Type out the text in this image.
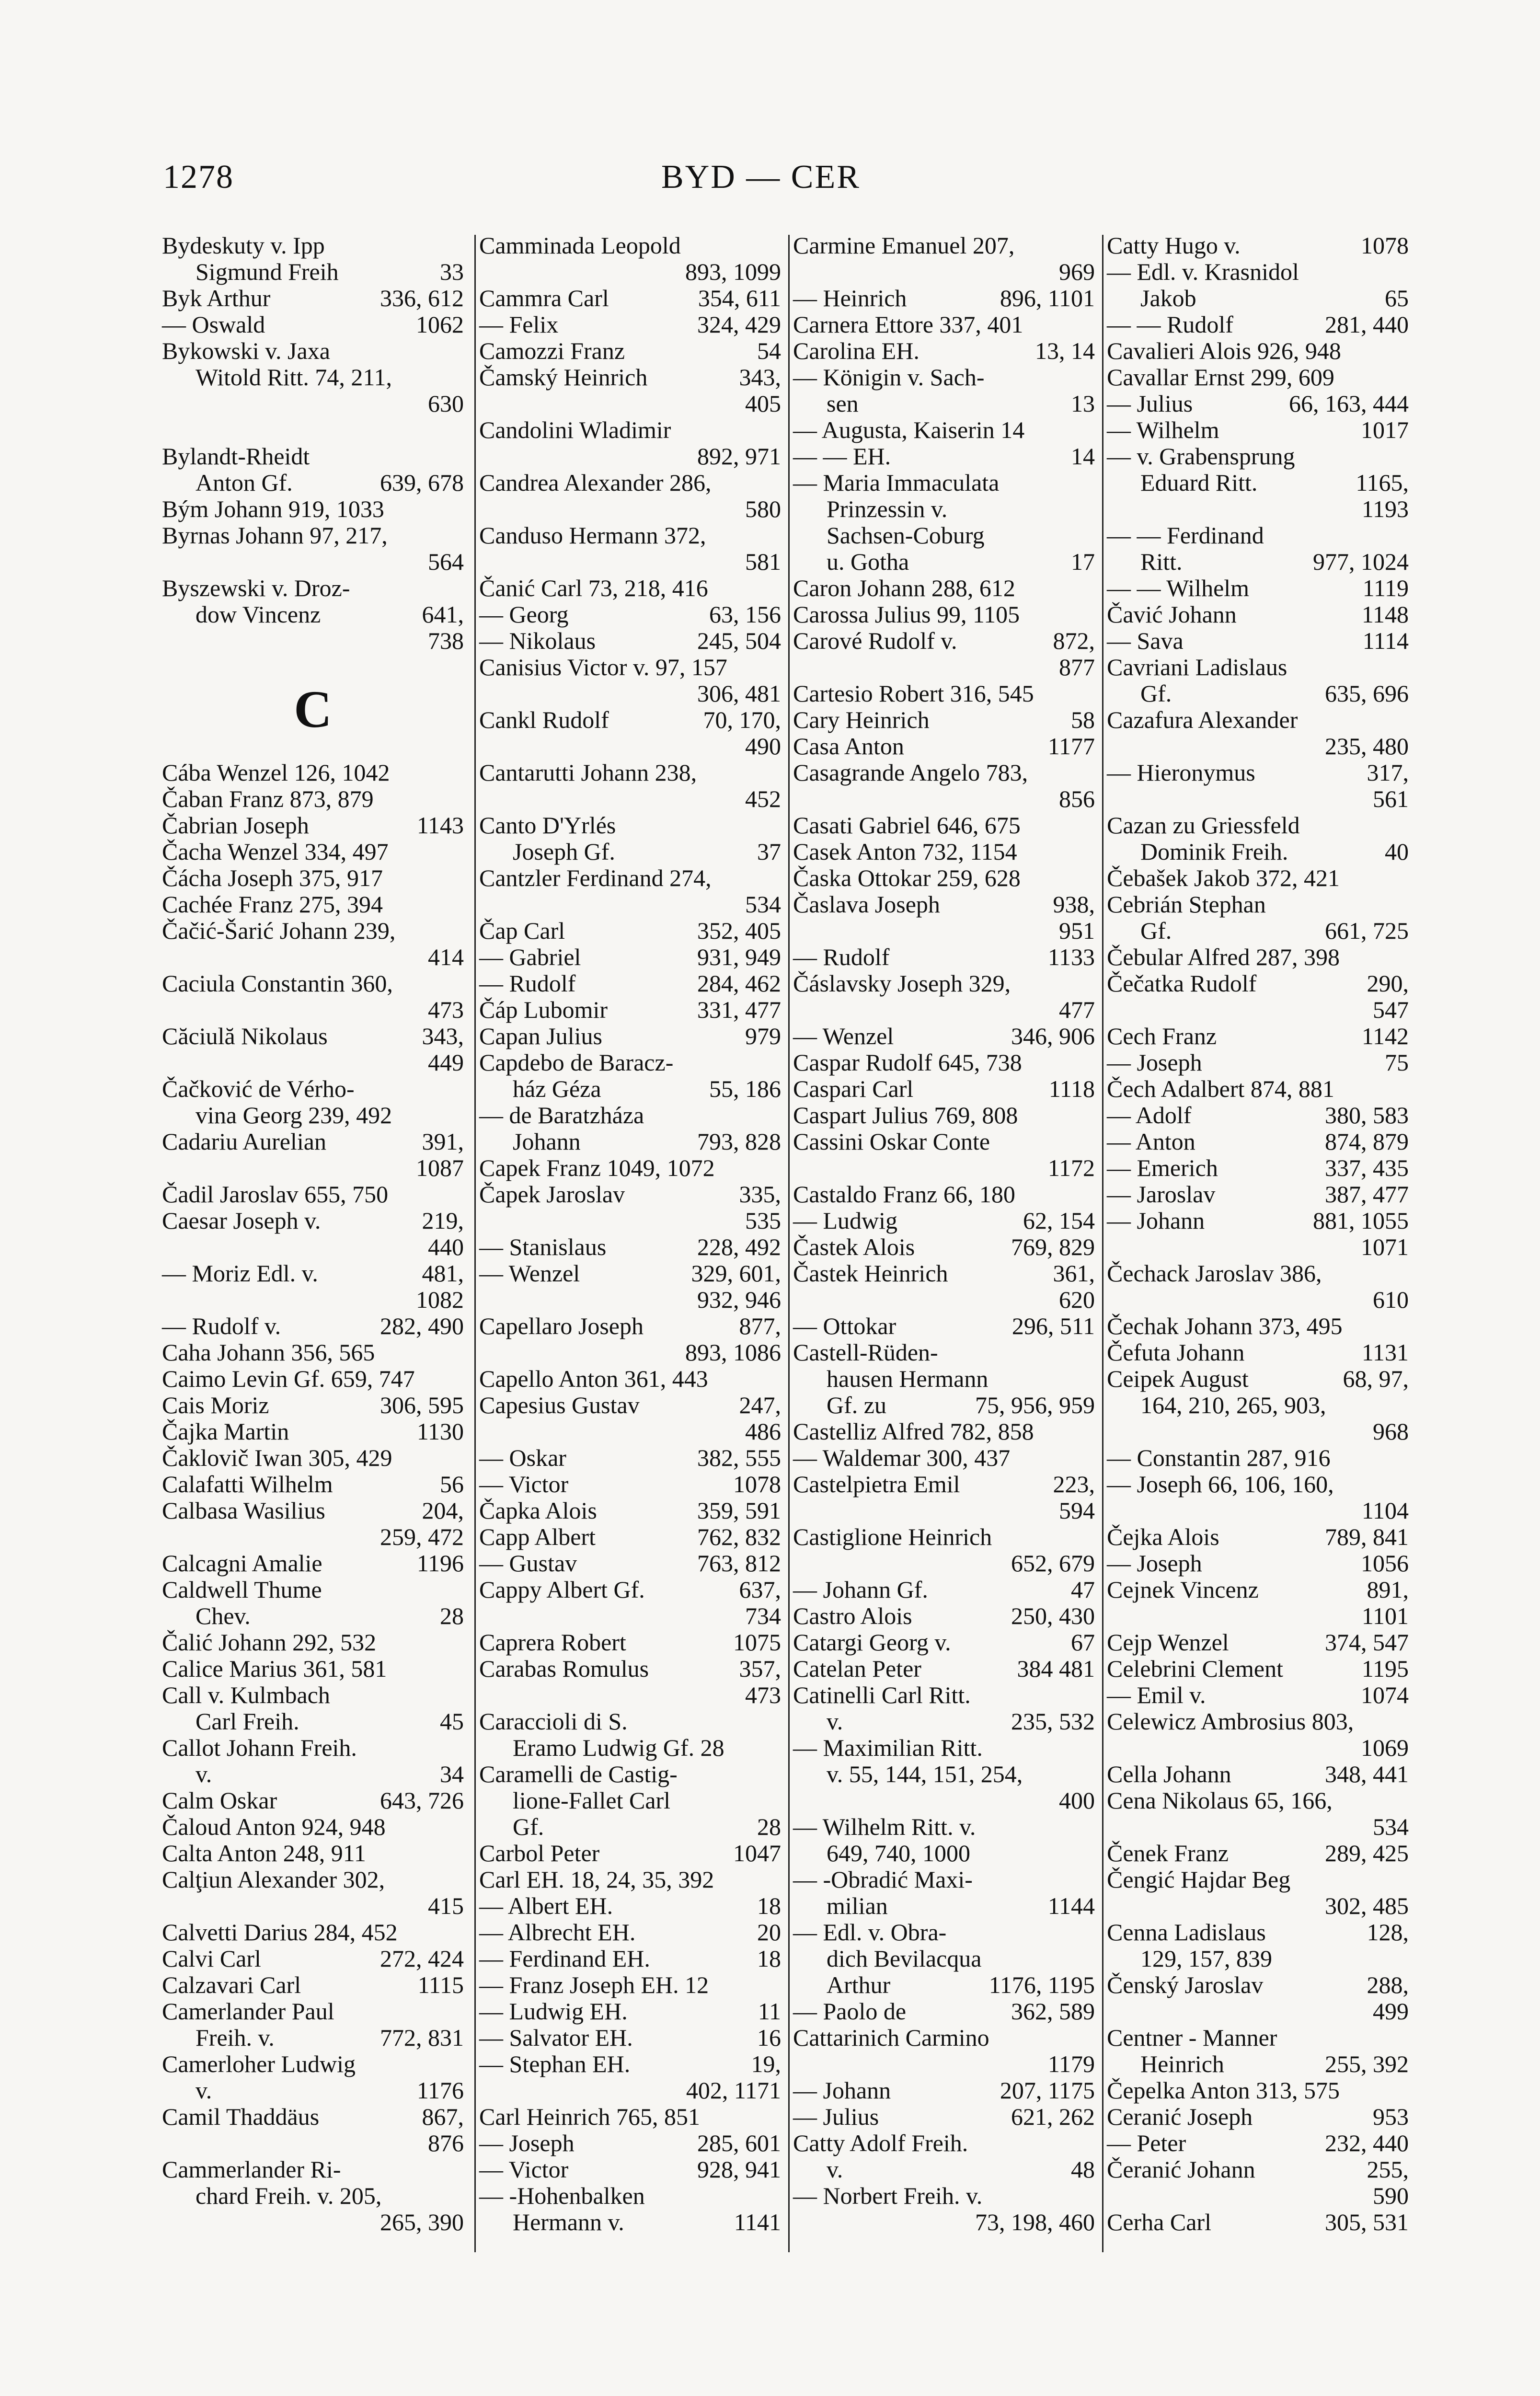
1278	BYD — CER
Bydeskuty v. Ipp
Sigmund Freih	33
Byk Arthur	336, 612
— Oswald	1062
Bykowski v. Jaxa
Witold Ritt. 74, 211,
630
Bylandt-Rheidt
Anton Gf.	639, 678
Bým Johann 919, 1033
Byrnas Johann 97, 217,
564
Byszewski v. Droz-
dow Vincenz	641,
738
C
Cába Wenzel 126, 1042
Čaban Franz 873, 879
Čabrian Joseph	1143
Čacha Wenzel 334, 497
Čácha Joseph 375, 917
Cachée Franz 275, 394
Čačić-Šarić Johann 239,
414
Caciula Constantin 360,
473
Căciulă Nikolaus	343,
449
Čačković de Vérho-
vina Georg 239, 492
Cadariu Aurelian	391,
1087
Čadil Jaroslav 655, 750
Caesar Joseph v.	219,
440
— Moriz Edl. v.	481,
1082
— Rudolf v.	282, 490
Caha Johann 356, 565
Caimo Levin Gf. 659, 747
Cais Moriz	306, 595
Čajka Martin	1130
Čaklovič Iwan 305, 429
Calafatti Wilhelm	56
Calbasa Wasilius	204,
259, 472
Calcagni Amalie	1196
Caldwell Thume
Chev.	28
Čalić Johann 292, 532
Calice Marius 361, 581
Call v. Kulmbach
Carl Freih.	45
Callot Johann Freih.
v.	34
Calm Oskar	643, 726
Čaloud Anton 924, 948
Calta Anton 248, 911
Calţiun Alexander 302,
415
Calvetti Darius 284, 452
Calvi Carl	272, 424
Calzavari Carl	1115
Camerlander Paul
Freih. v.	772, 831
Camerloher Ludwig
v.	1176
Camil Thaddäus	867,
876
Cammerlander Ri-
chard Freih. v. 205,
265, 390
Camminada Leopold
893, 1099
Cammra Carl	354, 611
— Felix	324, 429
Camozzi Franz	54
Čamský Heinrich	343,
405
Candolini Wladimir
892, 971
Candrea Alexander 286,
580
Canduso Hermann 372,
581
Čanić Carl 73, 218, 416
— Georg	63, 156
— Nikolaus	245, 504
Canisius Victor v. 97, 157
306, 481
Cankl Rudolf	70, 170,
490
Cantarutti Johann 238,
452
Canto D'Yrlés
Joseph Gf.	37
Cantzler Ferdinand 274,
534
Čap Carl	352, 405
— Gabriel	931, 949
— Rudolf	284, 462
Čáp Lubomir	331, 477
Capan Julius	979
Capdebo de Baracz-
ház Géza	55, 186
— de Baratzháza
Johann	793, 828
Capek Franz 1049, 1072
Čapek Jaroslav	335,
535
— Stanislaus	228, 492
— Wenzel	329, 601,
932, 946
Capellaro Joseph	877,
893, 1086
Capello Anton 361, 443
Capesius Gustav	247,
486
— Oskar	382, 555
— Victor	1078
Čapka Alois	359, 591
Capp Albert	762, 832
— Gustav	763, 812
Cappy Albert Gf.	637,
734
Caprera Robert	1075
Carabas Romulus	357,
473
Caraccioli di S.
Eramo Ludwig Gf. 28
Caramelli de Castig-
lione-Fallet Carl
Gf.	28
Carbol Peter	1047
Carl EH. 18, 24, 35, 392
— Albert EH.	18
— Albrecht EH.	20
— Ferdinand EH.	18
— Franz Joseph EH. 12
— Ludwig EH.	11
— Salvator EH.	16
— Stephan EH.	19,
402, 1171
Carl Heinrich 765, 851
— Joseph	285, 601
— Victor	928, 941
— -Hohenbalken
Hermann v.	1141
Carmine Emanuel 207,
969
— Heinrich	896, 1101
Carnera Ettore 337, 401
Carolina EH.	13, 14
— Königin v. Sach-
sen	13
— Augusta, Kaiserin 14
— — EH.	14
— Maria Immaculata
Prinzessin v.
Sachsen-Coburg
u. Gotha	17
Caron Johann 288, 612
Carossa Julius 99, 1105
Carové Rudolf v.	872,
877
Cartesio Robert 316, 545
Cary Heinrich	58
Casa Anton	1177
Casagrande Angelo 783,
856
Casati Gabriel 646, 675
Casek Anton 732, 1154
Časka Ottokar 259, 628
Časlava Joseph	938,
951
— Rudolf	1133
Čáslavsky Joseph 329,
477
— Wenzel	346, 906
Caspar Rudolf 645, 738
Caspari Carl	1118
Caspart Julius 769, 808
Cassini Oskar Conte
1172
Castaldo Franz 66, 180
— Ludwig	62, 154
Častek Alois	769, 829
Častek Heinrich	361,
620
— Ottokar	296, 511
Castell-Rüden-
hausen Hermann
Gf. zu	75, 956, 959
Castelliz Alfred 782, 858
— Waldemar 300, 437
Castelpietra Emil	223,
594
Castiglione Heinrich
652, 679
— Johann Gf.	47
Castro Alois	250, 430
Catargi Georg v.	67
Catelan Peter	384 481
Catinelli Carl Ritt.
v.	235, 532
— Maximilian Ritt.
v. 55, 144, 151, 254,
400
— Wilhelm Ritt. v.
649, 740, 1000
— -Obradić Maxi-
milian	1144
— Edl. v. Obra-
dich Bevilacqua
Arthur	1176, 1195
— Paolo de	362, 589
Cattarinich Carmino
1179
— Johann	207, 1175
— Julius	621, 262
Catty Adolf Freih.
v.	48
— Norbert Freih. v.
73, 198, 460
Catty Hugo v.	1078
— Edl. v. Krasnidol
Jakob	65
— — Rudolf	281, 440
Cavalieri Alois 926, 948
Cavallar Ernst 299, 609
— Julius	66, 163, 444
— Wilhelm	1017
— v. Grabensprung
Eduard Ritt.	1165,
1193
— — Ferdinand
Ritt.	977, 1024
— — Wilhelm	1119
Čavić Johann	1148
— Sava	1114
Cavriani Ladislaus
Gf.	635, 696
Cazafura Alexander
235, 480
— Hieronymus	317,
561
Cazan zu Griessfeld
Dominik Freih.	40
Čebašek Jakob 372, 421
Cebrián Stephan
Gf.	661, 725
Čebular Alfred 287, 398
Čečatka Rudolf	290,
547
Cech Franz	1142
— Joseph	75
Čech Adalbert 874, 881
— Adolf	380, 583
— Anton	874, 879
— Emerich	337, 435
— Jaroslav	387, 477
— Johann	881, 1055
1071
Čechack Jaroslav 386,
610
Čechak Johann 373, 495
Čefuta Johann	1131
Ceipek August	68, 97,
164, 210, 265, 903,
968
— Constantin 287, 916
— Joseph 66, 106, 160,
1104
Čejka Alois	789, 841
— Joseph	1056
Cejnek Vincenz	891,
1101
Cejp Wenzel	374, 547
Celebrini Clement	1195
— Emil v.	1074
Celewicz Ambrosius 803,
1069
Cella Johann	348, 441
Cena Nikolaus 65, 166,
534
Čenek Franz	289, 425
Čengić Hajdar Beg
302, 485
Cenna Ladislaus	128,
129, 157, 839
Čenský Jaroslav	288,
499
Centner - Manner
Heinrich	255, 392
Čepelka Anton 313, 575
Ceranić Joseph	953
— Peter	232, 440
Čeranić Johann	255,
590
Cerha Carl	305, 531
